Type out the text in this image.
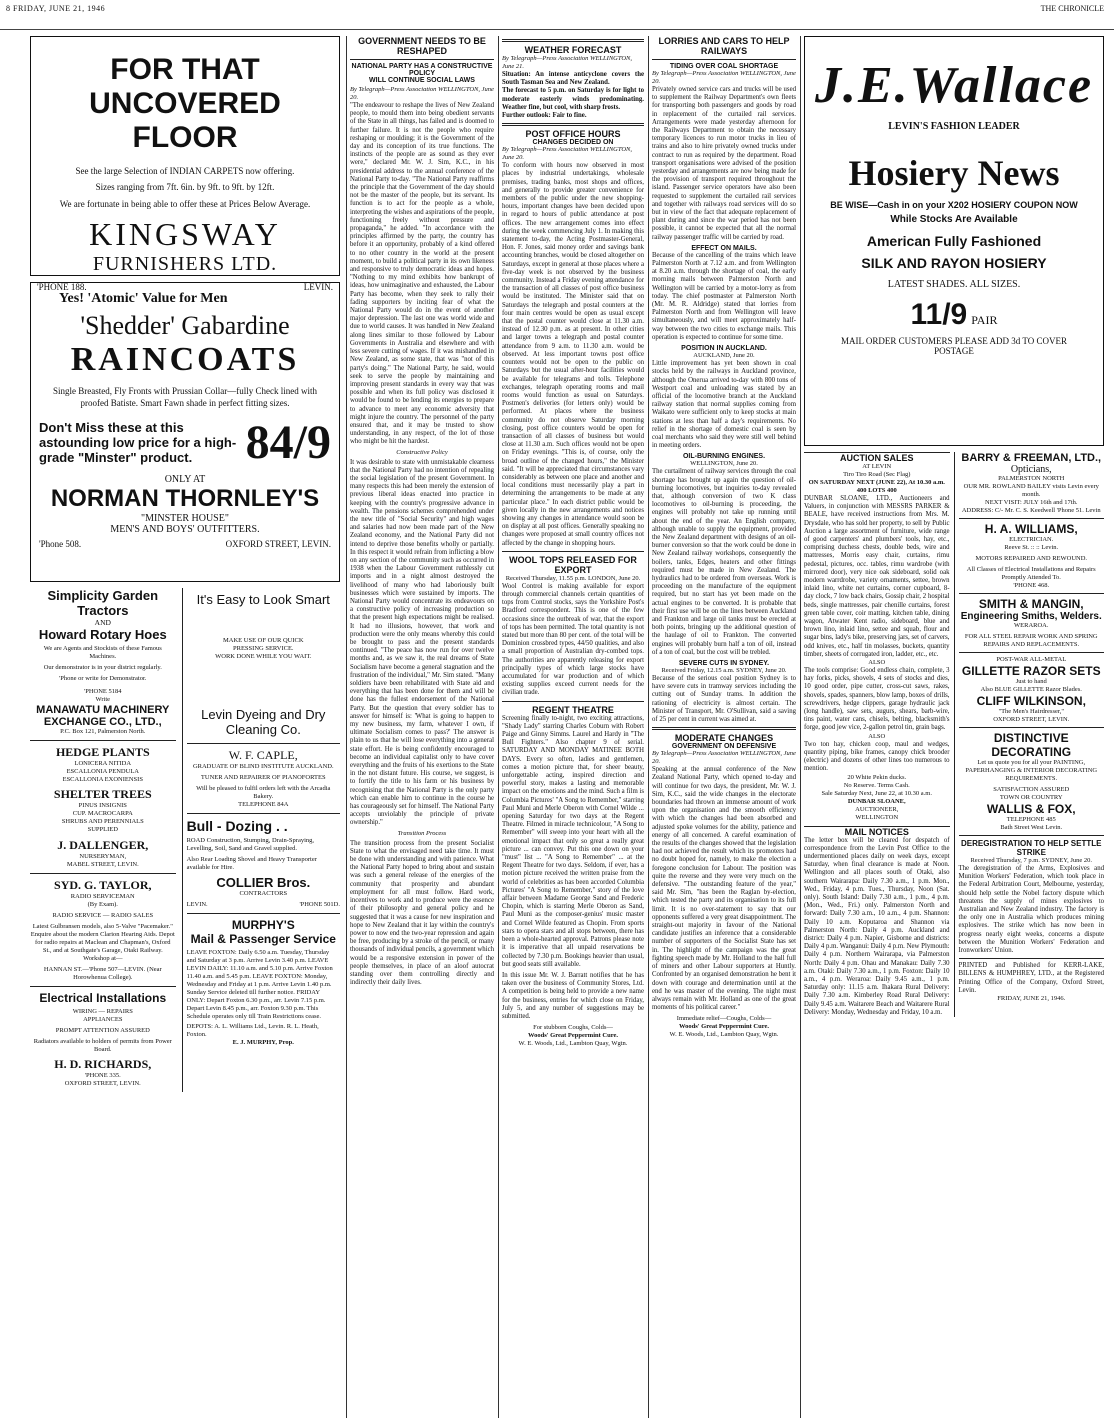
8 FRIDAY, JUNE 21, 1946	THE CHRONICLE
FOR THAT UNCOVERED
FLOOR
See the large Selection of INDIAN CARPETS now offering.
Sizes ranging from 7ft. 6in. by 9ft. to 9ft. by 12ft.
We are fortunate in being able to offer these at Prices Below Average.
KINGSWAY
FURNISHERS LTD.
'PHONE 188.	LEVIN.
Yes! 'Atomic' Value for Men
'Shedder' Gabardine
RAINCOATS
Single Breasted, Fly Fronts with Prussian Collar—fully Check lined with proofed Batiste. Smart Fawn shade in perfect fitting sizes.
Don't Miss these at this astounding low price for a high-grade "Minster" product.	84/9
ONLY AT
NORMAN THORNLEY'S
"MINSTER HOUSE"
MEN'S AND BOYS' OUTFITTERS.
'Phone 508.	OXFORD STREET, LEVIN.
Simplicity Garden Tractors
AND
Howard Rotary Hoes
We are Agents and Stockists of these Famous Machines.
Our demonstrator is in your district regularly.
'Phone or write for Demonstrator.
'PHONE 5184
Write
MANAWATU MACHINERY EXCHANGE CO., LTD.,
P.C. Box 121, Palmerston North.
HEDGE PLANTS
LONICERA NITIDA
ESCALLONIA PENDULA
ESCALLONIA EXONIENSIS
SHELTER TREES
PINUS INSIGNIS
CUP. MACROCARPA
SHRUBS AND PERENNIALS
SUPPLIED
J. DALLENGER,
NURSERYMAN,
MABEL STREET, LEVIN.
SYD. G. TAYLOR,
RADIO SERVICEMAN
(By Exam).
RADIO SERVICE — RADIO SALES
Latest Gulbransen models, also 5-Valve "Pacemaker." Enquire about the modern Clarion Hearing Aids. Depot for radio repairs at Maclean and Chapman's, Oxford St., and at Southgate's Garage, Otaki Railway. Workshop at—
HANNAN ST.—'Phone 507—LEVIN. (Near Horowhenua College).
Electrical Installations
WIRING — REPAIRS
APPLIANCES
PROMPT ATTENTION ASSURED
Radiators available to holders of permits from Power Board.
H. D. RICHARDS,
'PHONE 335.
OXFORD STREET, LEVIN.
It's Easy to Look Smart
MAKE USE OF OUR QUICK
PRESSING SERVICE.
WORK DONE WHILE YOU WAIT.
Levin Dyeing and Dry Cleaning Co.
W. F. CAPLE,
GRADUATE OF BLIND INSTITUTE AUCKLAND.
TUNER AND REPAIRER OF PIANOFORTES
Will be pleased to fulfil orders left with the Arcadia Bakery.
TELEPHONE 84A
Bull - Dozing . .
ROAD Construction, Stumping, Drain-Spraying, Levelling, Soil, Sand and Gravel supplied.
Also Rear Loading Shovel and Heavy Transporter available for Hire.
COLLIER Bros.
CONTRACTORS
LEVIN.	'PHONE 501D.
MURPHY'S
Mail & Passenger Service
LEAVE FOXTON: Daily 6.50 a.m. Tuesday, Thursday and Saturday at 3 p.m. Arrive Levin 3.40 p.m. LEAVE LEVIN DAILY: 11.10 a.m. and 5.10 p.m. Arrive Foxton 11.40 a.m. and 5.45 p.m. LEAVE FOXTON: Monday, Wednesday and Friday at 1 p.m. Arrive Levin 1.40 p.m. Sunday Service deleted till further notice. FRIDAY ONLY: Depart Foxton 6.30 p.m., arr. Levin 7.15 p.m. Depart Levin 8.45 p.m., arr. Foxton 9.30 p.m. This Schedule operates only till Train Restrictions cease.
DEPOTS: A. L. Williams Ltd., Levin. R. L. Heath, Foxton.
E. J. MURPHY, Prop.
GOVERNMENT NEEDS TO BE RESHAPED
NATIONAL PARTY HAS A CONSTRUCTIVE POLICY
WILL CONTINUE SOCIAL LAWS
By Telegraph—Press Association WELLINGTON, June 20.
"The endeavour to reshape the lives of New Zealand people, to mould them into being obedient servants of the State in all things, has failed and is doomed to further failure. It is not the people who require reshaping or moulding; it is the Government of the day and its conception of its true functions. The instincts of the people are as sound as they ever were," declared Mr. W. J. Sim, K.C., in his presidential address to the annual conference of the National Party to-day. "The National Party reaffirms the principle that the Government of the day should not be the master of the people, but its servant. Its function is to act for the people as a whole, interpreting the wishes and aspirations of the people, functioning freely without pressure and propaganda," he added. "In accordance with the principles affirmed by the party, the country has before it an opportunity, probably of a kind offered to no other country in the world at the present moment, to build a political party in its own likeness and responsive to truly democratic ideas and hopes. "Nothing to my mind exhibits how bankrupt of ideas, how unimaginative and exhausted, the Labour Party has become, when they seek to rally their fading supporters by inciting fear of what the National Party would do in the event of another major depression. The last one was world wide and due to world causes. It was handled in New Zealand along lines similar to those followed by Labour Governments in Australia and elsewhere and with less severe cutting of wages. If it was mishandled in New Zealand, as some state, that was "not of this party's doing." The National Party, he said, would seek to serve the people by maintaining and improving present standards in every way that was possible and when its full policy was disclosed it would be found to be lending its energies to prepare to advance to meet any economic adversity that might injure the country. The personnel of the party ensured that, and it may be trusted to show understanding, in any respect, of the lot of those who might be hit the hardest.
Constructive Policy
It was desirable to state with unmistakable clearness that the National Party had no intention of repealing the social legislation of the present Government. In many respects this had been merely the extension of previous liberal ideas enacted into practice in keeping with the country's progressive advance in wealth. The pensions schemes comprehended under the new title of "Social Security" and high wages and salaries had now been made part of the New Zealand economy, and the National Party did not intend to deprive those benefits wholly or partially. In this respect it would refrain from inflicting a blow on any section of the community such as occurred in 1938 when the Labour Government ruthlessly cut imports and in a night almost destroyed the livelihood of many who had laboriously built businesses which were sustained by imports. The National Party would concentrate its endeavours on a constructive policy of increasing production so that the present high expectations might be realised. It had no illusions, however, that work and production were the only means whereby this could be brought to pass and the present standards continued. "The peace has now run for over twelve months and, as we saw it, the real dreams of State Socialism have become a general stagnation and the frustration of the individual," Mr. Sim stated. "Many soldiers have been rehabilitated with State aid and everything that has been done for them and will be done has the fullest endorsement of the National Party. But the question that every soldier has to answer for himself is: 'What is going to happen to my new business, my farm, whatever I own, if ultimate Socialism comes to pass?' The answer is plain to us that he will lose everything into a general state effort. He is being confidently encouraged to become an individual capitalist only to have cover everything and the fruits of his exertions to the State in the not distant future. His course, we suggest, is to fortify the title to his farm or his business by recognising that the National Party is the only party which can enable him to continue in the course he has courageously set for himself. The National Party accepts unviolably the principle of private ownership."
Transition Process
The transition process from the present Socialist State to what the envisaged need take time. It must be done with understanding and with patience. What the National Party hoped to bring about and sustain was such a general release of the energies of the community that prosperity and abundant employment for all must follow. Hard work, incentives to work and to produce were the essence of their philosophy and general policy and he suggested that it was a cause for new inspiration and hope to New Zealand that it lay within the country's power to now end the two-year repression and again be free, producing by a stroke of the pencil, or many thousands of individual pencils, a government which would be a responsive extension in power of the people themselves, in place of an aloof autocrat standing over them controlling directly and indirectly their daily lives.
WEATHER FORECAST
By Telegraph—Press Association WELLINGTON, June 21.
Situation: An intense anticyclone covers the South Tasman Sea and New Zealand.
The forecast to 5 p.m. on Saturday is for light to moderate easterly winds predominating. Weather fine, but cool, with sharp frosts.
Further outlook: Fair to fine.
POST OFFICE HOURS
CHANGES DECIDED ON
By Telegraph—Press Association WELLINGTON, June 20.
To conform with hours now observed in most places by industrial undertakings, wholesale premises, trading banks, most shops and offices, and generally to provide greater convenience for members of the public under the new shopping-hours, important changes have been decided upon in regard to hours of public attendance at post offices. The new arrangement comes into effect during the week commencing July 1. In making this statement to-day, the Acting Postmaster-General, Hon. F. Jones, said money order and savings bank accounting branches, would be closed altogether on Saturdays, except in general at those places where a five-day week is not observed by the business community. Instead a Friday evening attendance for the transaction of all classes of post office business would be instituted. The Minister said that on Saturdays the telegraph and postal counters at the four main centres would be open as usual except that the postal counter would close at 11.30 a.m. instead of 12.30 p.m. as at present. In other cities and larger towns a telegraph and postal counter attendance from 9 a.m. to 11.30 a.m. would be observed. At less important towns post office counters would not be open to the public on Saturdays but the usual after-hour facilities would be available for telegrams and tolls. Telephone exchanges, telegraph operating rooms and mail rooms would function as usual on Saturdays. Postmen's deliveries (for letters only) would be performed. At places where the business community do not observe Saturday morning closing, post office counters would be open for transaction of all classes of business but would close at 11.30 a.m. Such offices would not be open on Friday evenings. "This is, of course, only the broad outline of the changed hours," the Minister said. "It will be appreciated that circumstances vary considerably as between one place and another and local conditions must necessarily play a part in determining the arrangements to be made at any particular place." In each district public would be given locally in the new arrangements and notices showing any changes in attendance would soon be on display at all post offices. Generally speaking no changes were proposed at small country offices not affected by the change in shopping hours.
WOOL TOPS RELEASED FOR EXPORT
Received Thursday, 11.55 p.m. LONDON, June 20.
Wool Control is making available for export through commercial channels certain quantities of tops from Control stocks, says the Yorkshire Post's Bradford correspondent. This is one of the few occasions since the outbreak of war, that the export of tops has been permitted. The total quantity is not stated but more than 80 per cent. of the total will be Dominion crossbred types, 44/50 qualities, and also a small proportion of Australian dry-combed tops. The authorities are apparently releasing for export principally types of which large stocks have accumulated for war production and of which existing supplies exceed current needs for the civilian trade.
REGENT THEATRE
Screening finally to-night, two exciting attractions, "Shady Lady" starring Charles Coburn with Robert Paige and Ginny Simms. Laurel and Hardy in "The Bull Fighters." Also chapter 9 of serial. SATURDAY AND MONDAY MATINEE BOTH DAYS. Every so often, ladies and gentlemen, comes a motion picture that, for sheer beauty, unforgettable acting, inspired direction and powerful story, makes a lasting and memorable impact on the emotions and the mind. Such a film is Columbia Pictures' "A Song to Remember," starring Paul Muni and Merle Oberon with Cornel Wilde ... opening Saturday for two days at the Regent Theatre. Filmed in miracle technicolour, "A Song to Remember" will sweep into your heart with all the emotional impact that only so great a really great picture ... can convey. Put this one down on your "must" list ... "A Song to Remember" ... at the Regent Theatre for two days. Seldom, if ever, has a motion picture received the written praise from the world of celebrities as has been accorded Columbia Pictures' "A Song to Remember," story of the love affair between Madame George Sand and Frederic Chopin, which is starring Merle Oberon as Sand, Paul Muni as the composer-genius' music master and Cornel Wilde featured as Chopin. From sports stars to opera stars and all stops between, there has been a whole-hearted approval. Patrons please note it is imperative that all unpaid reservations be collected by 7.30 p.m. Bookings heavier than usual, but good seats still available.
In this issue Mr. W. J. Barratt notifies that he has taken over the business of Community Stores, Ltd. A competition is being held to provide a new name for the business, entries for which close on Friday, July 5, and any number of suggestions may be submitted.
For stubborn Coughs, Colds—
Woods' Great Peppermint Cure.
W. E. Woods, Ltd., Lambton Quay, Wgtn.
LORRIES AND CARS TO HELP RAILWAYS
TIDING OVER COAL SHORTAGE
By Telegraph—Press Association WELLINGTON, June 20.
Privately owned service cars and trucks will be used to supplement the Railway Department's own fleets for transporting both passengers and goods by road in replacement of the curtailed rail services. Arrangements were made yesterday afternoon for the Railways Department to obtain the necessary temporary licences to run motor trucks in lieu of trains and also to hire privately owned trucks under contract to run as required by the department. Road transport organisations were advised of the position yesterday and arrangements are now being made for the provision of transport required throughout the island. Passenger service operators have also been requested to supplement the curtailed rail services and together with railways road services will do so but in view of the fact that adequate replacement of plant during and since the war period has not been possible, it cannot be expected that all the normal railway passenger traffic will be carried by road.
EFFECT ON MAILS.
Because of the cancelling of the trains which leave Palmerston North at 7.12 a.m. and from Wellington at 8.20 a.m. through the shortage of coal, the early morning mails between Palmerston North and Wellington will be carried by a motor-lorry as from today. The chief postmaster at Palmerston North (Mr. M. R. Aldridge) stated that lorries from Palmerston North and from Wellington will leave simultaneously, and will meet approximately half-way between the two cities to exchange mails. This operation is expected to continue for some time.
POSITION IN AUCKLAND.
AUCKLAND, June 20.
Little improvement has yet been shown in coal stocks held by the railways in Auckland province, although the Onerua arrived to-day with 800 tons of Westport coal and unloading was stated by an official of the locomotive branch at the Auckland railway station that normal supplies coming from Waikato were sufficient only to keep stocks at main stations at less than half a day's requirements. No relief in the shortage of domestic coal is seen by coal merchants who said they were still well behind in meeting orders.
OIL-BURNING ENGINES.
WELLINGTON, June 20.
The curtailment of railway services through the coal shortage has brought up again the question of oil-burning locomotives, but inquiries to-day revealed that, although conversion of two K class locomotives to oil-burning is proceeding, the engines will probably not take up running until about the end of the year. An English company, although unable to supply the equipment, provided the New Zealand department with designs of an oil-burner conversion so that the work could be done in New Zealand railway workshops, consequently the boilers, tanks, Edges, heaters and other fittings required must be made in New Zealand. The hydraulics had to be ordered from overseas. Work is proceeding on the manufacture of the equipment required, but no start has yet been made on the actual engines to be converted. It is probable that their first use will be on the lines between Auckland and Frankton and large oil tanks must be erected at both points, bringing up the additional question of the haulage of oil to Frankton. The converted engines will probably burn half a ton of oil, instead of a ton of coal, but the cost will be trebled.
SEVERE CUTS IN SYDNEY.
Received Friday, 12.15 a.m. SYDNEY, June 20.
Because of the serious coal position Sydney is to have severe cuts in tramway services including the cutting out of Sunday trams. In addition the rationing of electricity is almost certain. The Minister of Transport, Mr. O'Sullivan, said a saving of 25 per cent in current was aimed at.
MODERATE CHANGES
GOVERNMENT ON DEFENSIVE
By Telegraph—Press Association WELLINGTON, June 20.
Speaking at the annual conference of the New Zealand National Party, which opened to-day and will continue for two days, the president, Mr. W. J. Sim, K.C., said the wide changes in the electorate boundaries had thrown an immense amount of work upon the organisation and the smooth efficiency with which the changes had been absorbed and adjusted spoke volumes for the ability, patience and energy of all concerned. A careful examination of the results of the changes showed that the legislation had not achieved the result which its promoters had no doubt hoped for, namely, to make the election a foregone conclusion for Labour. The position was quite the reverse and they were very much on the defensive. "The outstanding feature of the year," said Mr. Sim, "has been the Raglan by-election, which tested the party and its organisation to its full limit. It is no over-statement to say that our opponents suffered a very great disappointment. The straight-out majority in favour of the National candidate justifies an inference that a considerable number of supporters of the Socialist State has set in. The highlight of the campaign was the great fighting speech made by Mr. Holland to the hall full of miners and other Labour supporters at Huntly. Confronted by an organised demonstration he bent it down with courage and determination until at the end he was master of the evening. The night must always remain with Mr. Holland as one of the great moments of his political career."
Immediate relief—Coughs, Colds—
Woods' Great Peppermint Cure.
W. E. Woods, Ltd., Lambton Quay, Wgtn.
J.E.Wallace
LEVIN'S FASHION LEADER
Hosiery News
BE WISE—Cash in on your X202 HOSIERY COUPON NOW
While Stocks Are Available
American Fully Fashioned
SILK AND RAYON HOSIERY
LATEST SHADES. ALL SIZES.
11/9 PAIR
MAIL ORDER CUSTOMERS PLEASE ADD 3d TO COVER POSTAGE
AUCTION SALES
AT LEVIN
Tiro Tiro Road (Sec Flag)
ON SATURDAY NEXT (JUNE 22), At 10.30 a.m.
400 LOTS 400
DUNBAR SLOANE, LTD., Auctioneers and Valuers, in conjunction with MESSRS PARKER & BEALE, have received instructions from Mrs. M. Drysdale, who has sold her property, to sell by Public Auction a large assortment of furniture, wide range of good carpenters' and plumbers' tools, hay, etc., comprising duchess chests, double beds, wire and mattresses, Morris easy chair, curtains, rimu pedestal, pictures, occ. tables, rimu wardrobe (with mirrored door), very nice oak sideboard, solid oak modern warrdrobe, variety ornaments, settee, brown inlaid lino, white net curtains, corner cupboard, 8-day clock, 7 low back chairs, Gossip chair, 2 hospital beds, single mattresses, pair chenille curtains, forest green table cover, coir matting, kitchen table, dining wagon, Atwater Kent radio, sideboard, blue and brown lino, inlaid lino, settee and squab, flour and sugar bins, lady's bike, preserving jars, set of carvers, odd knives, etc., half tin molasses, buckets, quantity timber, sheets of corrugated iron, ladder, etc., etc.
ALSO
The tools comprise: Good endless chain, complete, 3 hay forks, picks, shovels, 4 sets of stocks and dies, 10 good order, pipe cutter, cross-cut saws, rakes, shovels, spades, spanners, blow lamp, boxes of drills, screwdrivers, hedge clippers, garage hydraulic jack (long handle), saw sets, augurs, shears, barb-wire, tins paint, water cans, chisels, belting, blacksmith's forge, good jew vice, 2-gallon petrol tin, grain bags.
ALSO
Two ton hay, chicken coop, maul and wedges, quantity piping, bike frames, canopy chick brooder (electric) and dozens of other lines too numerous to mention.
20 White Pekin ducks.
No Reserve. Terms Cash.
Sale Saturday Next, June 22, at 10.30 a.m.
DUNBAR SLOANE,
AUCTIONEER,
WELLINGTON
MAIL NOTICES
The letter box will be cleared for despatch of correspondence from the Levin Post Office to the undermentioned places daily on week days, except Saturday, when final clearance is made at Noon. Wellington and all places south of Otaki, also southern Wairarapa: Daily 7.30 a.m., 1 p.m. Mon., Wed., Friday, 4 p.m. Tues., Thursday, Noon (Sat. only). South Island: Daily 7.30 a.m., 1 p.m., 4 p.m. (Mon., Wed., Fri.) only. Palmerston North and forward: Daily 7.30 a.m., 10 a.m., 4 p.m. Shannon: Daily 10 a.m. Koputaroa and Shannon via Palmerston North: Daily 4 p.m. Auckland and district: Daily 4 p.m. Napier, Gisborne and districts: Daily 4 p.m. Wanganui: Daily 4 p.m. New Plymouth: Daily 4 p.m. Northern Wairarapa, via Palmerston North: Daily 4 p.m. Ohau and Manakau: Daily 7.30 a.m. Otaki: Daily 7.30 a.m., 1 p.m. Foxton: Daily 10 a.m., 4 p.m. Weraroa: Daily 9.45 a.m., 1 p.m. Saturday only: 11.15 a.m. Ihakara Rural Delivery: Daily 7.30 a.m. Kimberley Road Rural Delivery: Daily 9.45 a.m. Waitarere Beach and Waitarere Rural Delivery: Monday, Wednesday and Friday, 10 a.m.
BARRY & FREEMAN, LTD.,
Opticians,
PALMERSTON NORTH
OUR MR. ROWLAND BAILEY visits Levin every month.
NEXT VISIT: JULY 16th and 17th.
ADDRESS: C/- Mr. C. S. Keedwell 'Phone 51. Levin
H. A. WILLIAMS,
ELECTRICIAN.
Reeve St. :: :: Levin.
MOTORS REPAIRED AND REWOUND.
All Classes of Electrical Installations and Repairs Promptly Attended To.
'PHONE 468.
SMITH & MANGIN,
Engineering Smiths, Welders.
WERAROA.
FOR ALL STEEL REPAIR WORK AND SPRING REPAIRS AND REPLACEMENTS.
POST-WAR ALL-METAL
GILLETTE RAZOR SETS
Just to hand
Also BLUE GILLETTE Razor Blades.
CLIFF WILKINSON,
"The Men's Hairdresser,"
OXFORD STREET, LEVIN.
DISTINCTIVE DECORATING
Let us quote you for all your PAINTING, PAPERHANGING & INTERIOR DECORATING REQUIREMENTS.
SATISFACTION ASSURED
TOWN OR COUNTRY
WALLIS & FOX,
TELEPHONE 485
Bath Street West Levin.
DEREGISTRATION TO HELP SETTLE STRIKE
Received Thursday, 7 p.m. SYDNEY, June 20.
The deregistration of the Arms, Explosives and Munition Workers' Federation, which took place in the Federal Arbitration Court, Melbourne, yesterday, should help settle the Nobel factory dispute which threatens the supply of mines explosives to Australian and New Zealand industry. The factory is the only one in Australia which produces mining explosives. The strike which has now been in progress nearly eight weeks, concerns a dispute between the Munition Workers' Federation and Ironworkers' Union.
PRINTED and Published for KERR-LAKE, BILLENS & HUMPHREY, LTD., at the Registered Printing Office of the Company, Oxford Street, Levin.
FRIDAY, JUNE 21, 1946.
